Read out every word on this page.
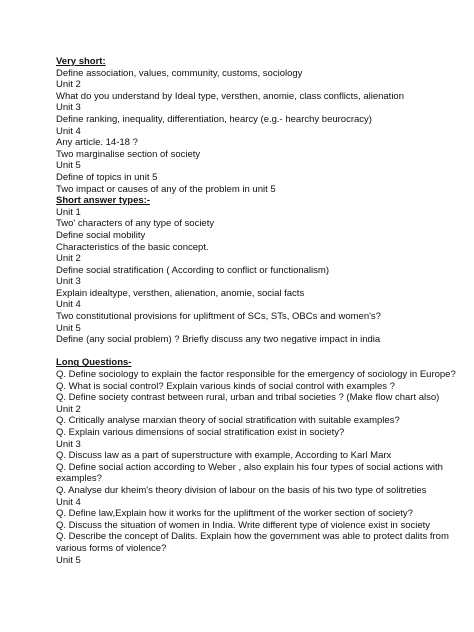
Very short:
Define association, values, community, customs, sociology
Unit 2
What do you understand by Ideal type, versthen, anomie, class conflicts, alienation
Unit 3
Define ranking, inequality, differentiation, hearcy (e.g.- hearchy beurocracy)
Unit 4
Any article. 14-18 ?
Two marginalise section of society
Unit 5
Define of topics in unit 5
Two impact or causes of any of the problem in unit 5
Short answer types:-
Unit 1
Two' characters of any type of society
Define social mobility
Characteristics of the basic concept.
Unit 2
Define social stratification ( According to conflict or functionalism)
Unit 3
Explain idealtype, versthen, alienation, anomie, social facts
Unit 4
Two constitutional provisions for upliftment of SCs, STs, OBCs and women's?
Unit 5
Define (any social problem) ? Briefly discuss any two negative impact in india
Long Questions-
Q. Define sociology to explain the factor responsible for the emergency of sociology in Europe?
Q. What is social control? Explain various kinds of social control with examples ?
Q. Define society contrast between rural, urban and tribal societies ? (Make flow chart also)
Unit 2
Q. Critically analyse marxian theory of social stratification with suitable examples?
Q. Explain various dimensions of social stratification exist in society?
Unit 3
Q. Discuss law as a part of superstructure with example, According to Karl Marx
Q. Define social action according to Weber , also explain his four types of social actions with examples?
Q. Analyse dur kheim's theory division of labour on the basis of his two type of solitreties
Unit 4
Q. Define law,Explain how it works for the upliftment of the worker section of society?
Q. Discuss the situation of women in India. Write different type of violence exist in society
Q. Describe the concept of Dalits. Explain how the government was able to protect dalits from various forms of violence?
Unit 5
